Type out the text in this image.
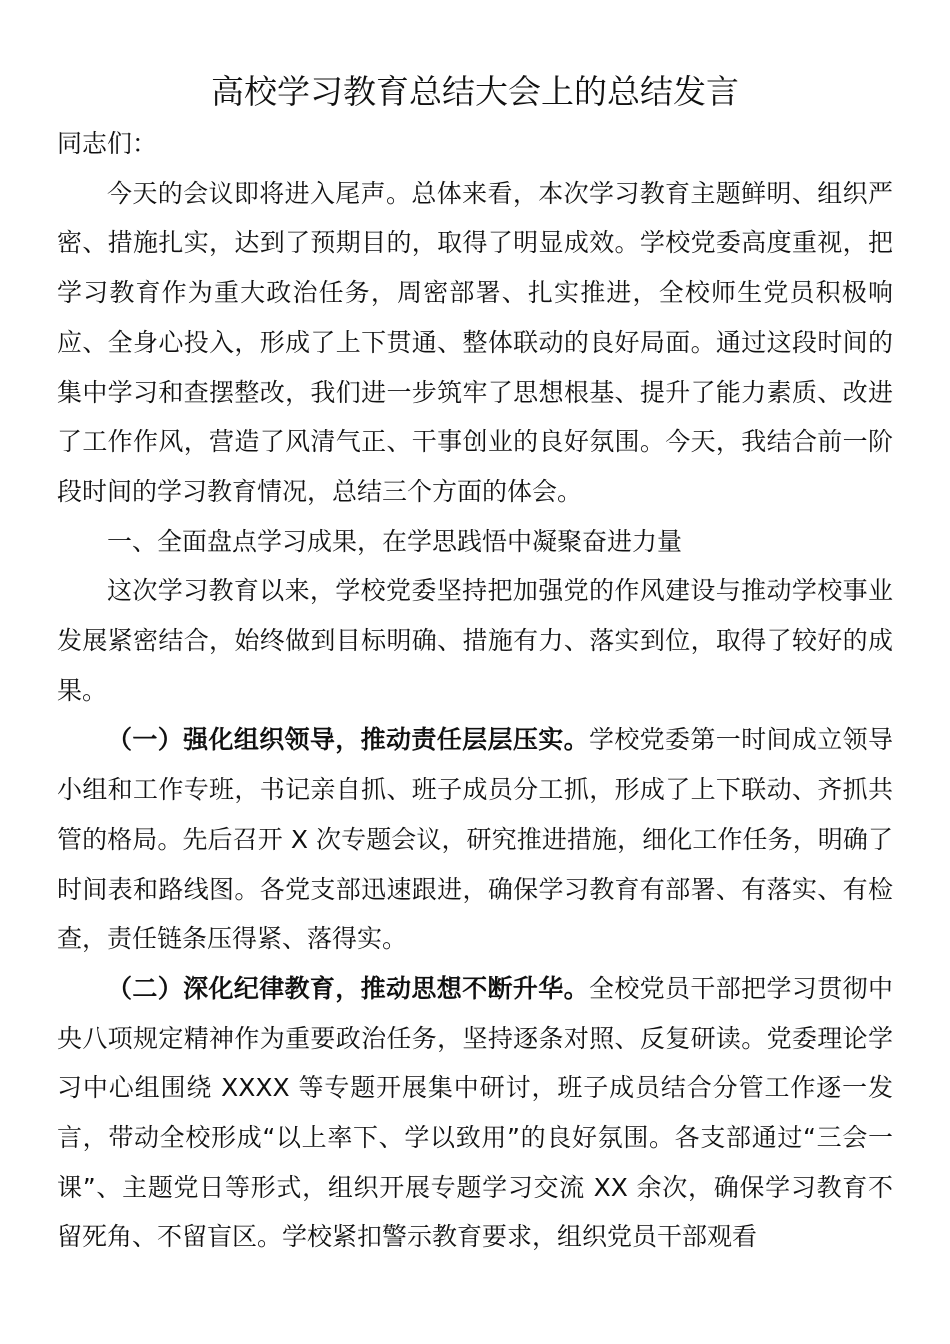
高校学习教育总结大会上的总结发言

同志们：

今天的会议即将进入尾声。总体来看，本次学习教育主题鲜明、组织严密、措施扎实，达到了预期目的，取得了明显成效。学校党委高度重视，把学习教育作为重大政治任务，周密部署、扎实推进，全校师生党员积极响应、全身心投入，形成了上下贯通、整体联动的良好局面。通过这段时间的集中学习和查摆整改，我们进一步筑牢了思想根基、提升了能力素质、改进了工作作风，营造了风清气正、干事创业的良好氛围。今天，我结合前一阶段时间的学习教育情况，总结三个方面的体会。

一、全面盘点学习成果，在学思践悟中凝聚奋进力量

这次学习教育以来，学校党委坚持把加强党的作风建设与推动学校事业发展紧密结合，始终做到目标明确、措施有力、落实到位，取得了较好的成果。

（一）强化组织领导，推动责任层层压实。学校党委第一时间成立领导小组和工作专班，书记亲自抓、班子成员分工抓，形成了上下联动、齐抓共管的格局。先后召开 X 次专题会议，研究推进措施，细化工作任务，明确了时间表和路线图。各党支部迅速跟进，确保学习教育有部署、有落实、有检查，责任链条压得紧、落得实。

（二）深化纪律教育，推动思想不断升华。全校党员干部把学习贯彻中央八项规定精神作为重要政治任务，坚持逐条对照、反复研读。党委理论学习中心组围绕 XXXX 等专题开展集中研讨，班子成员结合分管工作逐一发言，带动全校形成“以上率下、学以致用”的良好氛围。各支部通过“三会一课”、主题党日等形式，组织开展专题学习交流 XX 余次，确保学习教育不留死角、不留盲区。学校紧扣警示教育要求，组织党员干部观看
